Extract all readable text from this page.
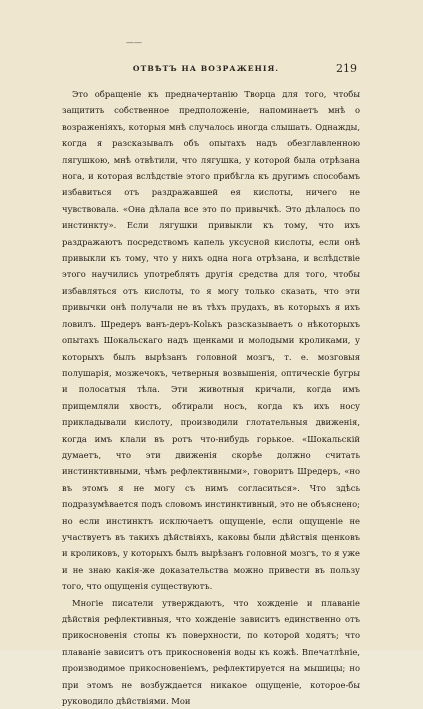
——
ОТВѢТЪ НА ВОЗРАЖЕНІЯ.	219

Это обращеніе къ предначертанію Творца для того, чтобы защитить собственное предположеніе, напоминаетъ мнѣ о возраженіяхъ, которыя мнѣ случалось иногда слышать. Однажды, когда я разсказывалъ объ опытахъ надъ обезглавленною лягушкою, мнѣ отвѣтили, что лягушка, у которой была отрѣзана нога, и которая вслѣдствіе этого прибѣгла къ другимъ способамъ избавиться отъ раздражавшей ея кислоты, ничего не чувствовала. «Она дѣлала все это по привычкѣ. Это дѣлалось по инстинкту». Если лягушки привыкли къ тому, что ихъ раздражаютъ посредствомъ капель уксусной кислоты, если онѣ привыкли къ тому, что у нихъ одна нога отрѣзана, и вслѣдствіе этого научились употреблять другія средства для того, чтобы избавляться отъ кислоты, то я могу только сказать, что эти привычки онѣ получали не въ тѣхъ прудахъ, въ которыхъ я ихъ ловилъ. Шредеръ ванъ-деръ-Кolькъ разсказываетъ о нѣкоторыхъ опытахъ Шокальскаго надъ щенками и молодыми кроликами, у которыхъ былъ вырѣзанъ головной мозгъ, т. е. мозговыя полушарія, мозжечокъ, четверныя возвышенія, оптическіе бугры и полосатыя тѣла. Эти животныя кричали, когда имъ прищемляли хвостъ, обтирали носъ, когда къ ихъ носу прикладывали кислоту, производили глотательныя движенія, когда имъ клали въ ротъ что-нибудь горькое. «Шокальскій думаетъ, что эти движенія скорѣе должно считать инстинктивными, чѣмъ рефлективными», говоритъ Шредеръ, «но въ этомъ я не могу съ нимъ согласиться». Что здѣсь подразумѣвается подъ словомъ инстинктивный, это не объяснено; но если инстинктъ исключаетъ ощущеніе, если ощущеніе не участвуетъ въ такихъ дѣйствіяхъ, каковы были дѣйствія щенковъ и кроликовъ, у которыхъ былъ вырѣзанъ головной мозгъ, то я уже и не знаю какія-же доказательства можно привести въ пользу того, что ощущенія существуютъ.

Многіе писатели утверждаютъ, что хожденіе и плаваніе дѣйствія рефлективныя, что хожденіе зависитъ единственно отъ прикосновенія стопы къ поверхности, по которой ходятъ; что плаваніе зависитъ отъ прикосновенія воды къ кожѣ. Впечатлѣніе, производимое прикосновеніемъ, рефлектируется на мышицы; но при этомъ не возбуждается никакое ощущеніе, которое-бы руководило дѣйствіями. Мои
